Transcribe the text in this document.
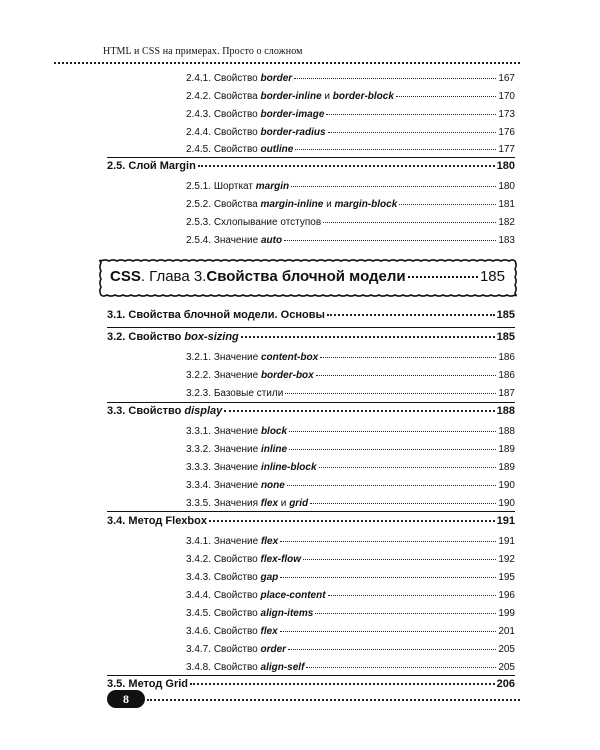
HTML и CSS на примерах. Просто о сложном
2.4.1. Свойство border	167
2.4.2. Свойства border-inline и border-block	170
2.4.3. Свойство border-image	173
2.4.4. Свойство border-radius	176
2.4.5. Свойство outline	177
2.5. Слой Margin	180
2.5.1. Шорткат margin	180
2.5.2. Свойства margin-inline и margin-block	181
2.5.3. Схлопывание отступов	182
2.5.4. Значение auto	183
3.1. Свойства блочной модели. Основы	185
3.2. Свойство box-sizing	185
3.2.1. Значение content-box	186
3.2.2. Значение border-box	186
3.2.3. Базовые стили	187
3.3. Свойство display	188
3.3.1. Значение block	188
3.3.2. Значение inline	189
3.3.3. Значение inline-block	189
3.3.4. Значение none	190
3.3.5. Значения flex и grid	190
3.4. Метод Flexbox	191
3.4.1. Значение flex	191
3.4.2. Свойство flex-flow	192
3.4.3. Свойство gap	195
3.4.4. Свойство place-content	196
3.4.5. Свойство align-items	199
3.4.6. Свойство flex	201
3.4.7. Свойство order	205
3.4.8. Свойство align-self	205
3.5. Метод Grid	206
CSS . Глава 3. Свойства блочной модели	185
8
